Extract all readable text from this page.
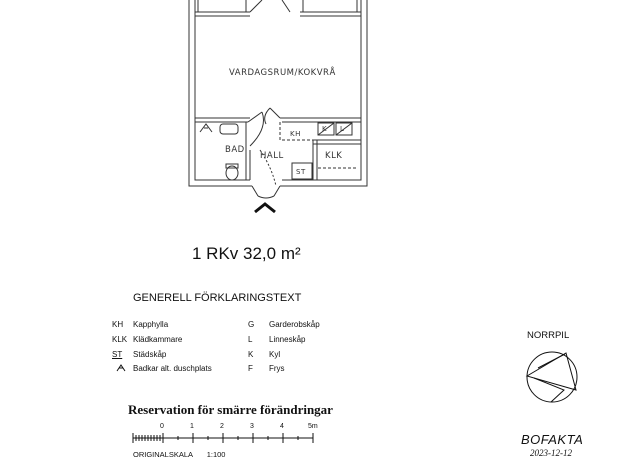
VARDAGSRUM/KOKVRÅ
BAD
HALL	KLK
KH
ST
K L
1 RKv 32,0 m²
GENERELL FÖRKLARINGSTEXT
KH Kapphylla
KLK Klädkammare
ST Städskåp
Badkar alt. duschplats
G Garderobskåp
L Linneskåp
K Kyl
F Frys
Reservation för smärre förändringar
0	1	2	3	4	5m
ORIGINALSKALA 1:100
NORRPIL
BOFAKTA
2023-12-12
